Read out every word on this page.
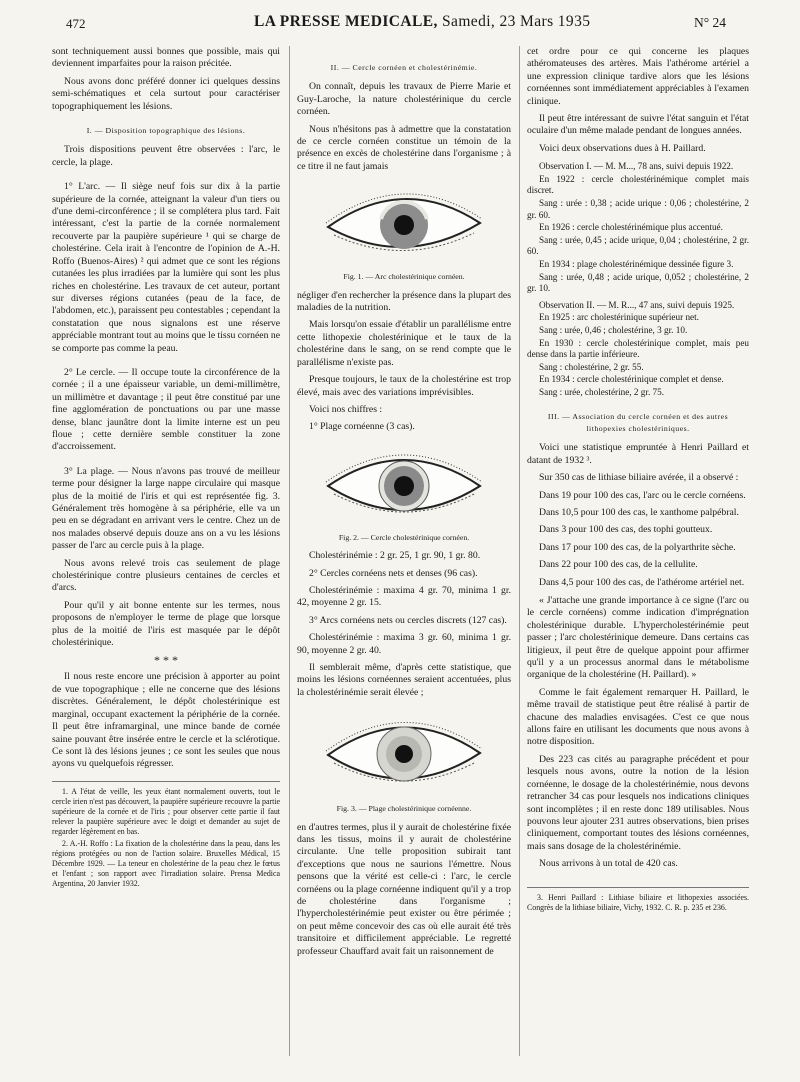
472	LA PRESSE MEDICALE, Samedi, 23 Mars 1935	N° 24

sont techniquement aussi bonnes que possible, mais qui deviennent imparfaites pour la raison précitée.

Nous avons donc préféré donner ici quelques dessins semi-schématiques et cela surtout pour caractériser topographiquement les lésions.

I. — Disposition topographique des lésions.

Trois dispositions peuvent être observées : l'arc, le cercle, la plage.

1° L'arc. — Il siège neuf fois sur dix à la partie supérieure de la cornée, atteignant la valeur d'un tiers ou d'une demi-circonférence ; il se complétera plus tard. Fait intéressant, c'est la partie de la cornée normalement recouverte par la paupière supérieure ¹ qui se charge de cholestérine. Cela irait à l'encontre de l'opinion de A.-H. Roffo (Buenos-Aires) ² qui admet que ce sont les régions cutanées les plus irradiées par la lumière qui sont les plus riches en cholestérine. Les travaux de cet auteur, portant sur diverses régions cutanées (peau de la face, de l'abdomen, etc.), paraissent peu contestables ; cependant la constatation que nous signalons est une réserve appréciable montrant tout au moins que le tissu cornéen ne se comporte pas comme la peau.

2° Le cercle. — Il occupe toute la circonférence de la cornée ; il a une épaisseur variable, un demi-millimètre, un millimètre et davantage ; il peut être constitué par une fine agglomération de ponctuations ou par une masse dense, blanc jaunâtre dont la limite interne est un peu floue ; cette dernière semble constituer la zone d'accroissement.

3° La plage. — Nous n'avons pas trouvé de meilleur terme pour désigner la large nappe circulaire qui masque plus de la moitié de l'iris et qui est représentée fig. 3. Généralement très homogène à sa périphérie, elle va un peu en se dégradant en arrivant vers le centre. Chez un de nos malades observé depuis douze ans on a vu les lésions passer de l'arc au cercle puis à la plage.

Nous avons relevé trois cas seulement de plage cholestérinique contre plusieurs centaines de cercles et d'arcs.

Pour qu'il y ait bonne entente sur les termes, nous proposons de n'employer le terme de plage que lorsque plus de la moitié de l'iris est masquée par le dépôt cholestérinique.

* * *

Il nous reste encore une précision à apporter au point de vue topographique ; elle ne concerne que des lésions discrètes. Généralement, le dépôt cholestérinique est marginal, occupant exactement la périphérie de la cornée. Il peut être inframarginal, une mince bande de cornée saine pouvant être insérée entre le cercle et la sclérotique. Ce sont là des lésions jeunes ; ce sont les seules que nous ayons vu quelquefois régresser.

1. A l'état de veille, les yeux étant normalement ouverts, tout le cercle irien n'est pas découvert, la paupière supérieure recouvre la partie supérieure de la cornée et de l'iris ; pour observer cette partie il faut relever la paupière supérieure avec le doigt et demander au sujet de regarder légèrement en bas.

2. A.-H. Roffo : La fixation de la cholestérine dans la peau, dans les régions protégées ou non de l'action solaire. Bruxelles Médical, 15 Décembre 1929. — La teneur en cholestérine de la peau chez le fœtus et l'enfant ; son rapport avec l'irradiation solaire. Prensa Medica Argentina, 20 Janvier 1932.

II. — Cercle cornéen et cholestérinémie.

On connaît, depuis les travaux de Pierre Marie et Guy-Laroche, la nature cholestérinique du cercle cornéen.

Nous n'hésitons pas à admettre que la constatation de ce cercle cornéen constitue un témoin de la présence en excès de cholestérine dans l'organisme ; à ce titre il ne faut jamais

Fig. 1. — Arc cholestérinique cornéen.

négliger d'en rechercher la présence dans la plupart des maladies de la nutrition.

Mais lorsqu'on essaie d'établir un parallélisme entre cette lithopexie cholestérinique et le taux de la cholestérine dans le sang, on se rend compte que le parallélisme n'existe pas.

Presque toujours, le taux de la cholestérine est trop élevé, mais avec des variations imprévisibles.

Voici nos chiffres :

1° Plage cornéenne (3 cas).

Fig. 2. — Cercle cholestérinique cornéen.

Cholestérinémie : 2 gr. 25, 1 gr. 90, 1 gr. 80.

2° Cercles cornéens nets et denses (96 cas).

Cholestérinémie : maxima 4 gr. 70, minima 1 gr. 42, moyenne 2 gr. 15.

3° Arcs cornéens nets ou cercles discrets (127 cas).

Cholestérinémie : maxima 3 gr. 60, minima 1 gr. 90, moyenne 2 gr. 40.

Il semblerait même, d'après cette statistique, que moins les lésions cornéennes seraient accentuées, plus la cholestérinémie serait élevée ;

Fig. 3. — Plage cholestérinique cornéenne.

en d'autres termes, plus il y aurait de cholestérine fixée dans les tissus, moins il y aurait de cholestérine circulante. Une telle proposition subirait tant d'exceptions que nous ne saurions l'émettre. Nous pensons que la vérité est celle-ci : l'arc, le cercle cornéens ou la plage cornéenne indiquent qu'il y a trop de cholestérine dans l'organisme ; l'hypercholestérinémie peut exister ou être périmée ; on peut même concevoir des cas où elle aurait été très transitoire et difficilement appréciable. Le regretté professeur Chauffard avait fait un raisonnement de

cet ordre pour ce qui concerne les plaques athéromateuses des artères. Mais l'athérome artériel a une expression clinique tardive alors que les lésions cornéennes sont immédiatement appréciables à l'examen clinique.

Il peut être intéressant de suivre l'état sanguin et l'état oculaire d'un même malade pendant de longues années.

Voici deux observations dues à H. Paillard.

Observation I. — M. M..., 78 ans, suivi depuis 1922.

En 1922 : cercle cholestérinémique complet mais discret.

Sang : urée : 0,38 ; acide urique : 0,06 ; cholestérine, 2 gr. 60.

En 1926 : cercle cholestérinémique plus accentué.

Sang : urée, 0,45 ; acide urique, 0,04 ; cholestérine, 2 gr. 60.

En 1934 : plage cholestérinémique dessinée figure 3.

Sang : urée, 0,48 ; acide urique, 0,052 ; cholestérine, 2 gr. 10.

Observation II. — M. R..., 47 ans, suivi depuis 1925.

En 1925 : arc cholestérinique supérieur net.

Sang : urée, 0,46 ; cholestérine, 3 gr. 10.

En 1930 : cercle cholestérinique complet, mais peu dense dans la partie inférieure.

Sang : cholestérine, 2 gr. 55.

En 1934 : cercle cholestérinique complet et dense.

Sang : urée, cholestérine, 2 gr. 75.

III. — Association du cercle cornéen et des autres lithopexies cholestériniques.

Voici une statistique empruntée à Henri Paillard et datant de 1932 ³.

Sur 350 cas de lithiase biliaire avérée, il a observé :

Dans 19 pour 100 des cas, l'arc ou le cercle cornéens.

Dans 10,5 pour 100 des cas, le xanthome palpébral.

Dans 3 pour 100 des cas, des tophi goutteux.

Dans 17 pour 100 des cas, de la polyarthrite sèche.

Dans 22 pour 100 des cas, de la cellulite.

Dans 4,5 pour 100 des cas, de l'athérome artériel net.

« J'attache une grande importance à ce signe (l'arc ou le cercle cornéens) comme indication d'imprégnation cholestérinique durable. L'hypercholestérinémie peut passer ; l'arc cholestérinique demeure. Dans certains cas litigieux, il peut être de quelque appoint pour affirmer qu'il y a un processus anormal dans le métabolisme organique de la cholestérine (H. Paillard). »

Comme le fait également remarquer H. Paillard, le même travail de statistique peut être réalisé à partir de chacune des maladies envisagées. C'est ce que nous allons faire en utilisant les documents que nous avons à notre disposition.

Des 223 cas cités au paragraphe précédent et pour lesquels nous avons, outre la notion de la lésion cornéenne, le dosage de la cholestérinémie, nous devons retrancher 34 cas pour lesquels nos indications cliniques sont incomplètes ; il en reste donc 189 utilisables. Nous pouvons leur ajouter 231 autres observations, bien prises cliniquement, comportant toutes des lésions cornéennes, mais sans dosage de la cholestérinémie.

Nous arrivons à un total de 420 cas.

3. Henri Paillard : Lithiase biliaire et lithopexies associées. Congrès de la lithiase biliaire, Vichy, 1932. C. R. p. 235 et 236.
